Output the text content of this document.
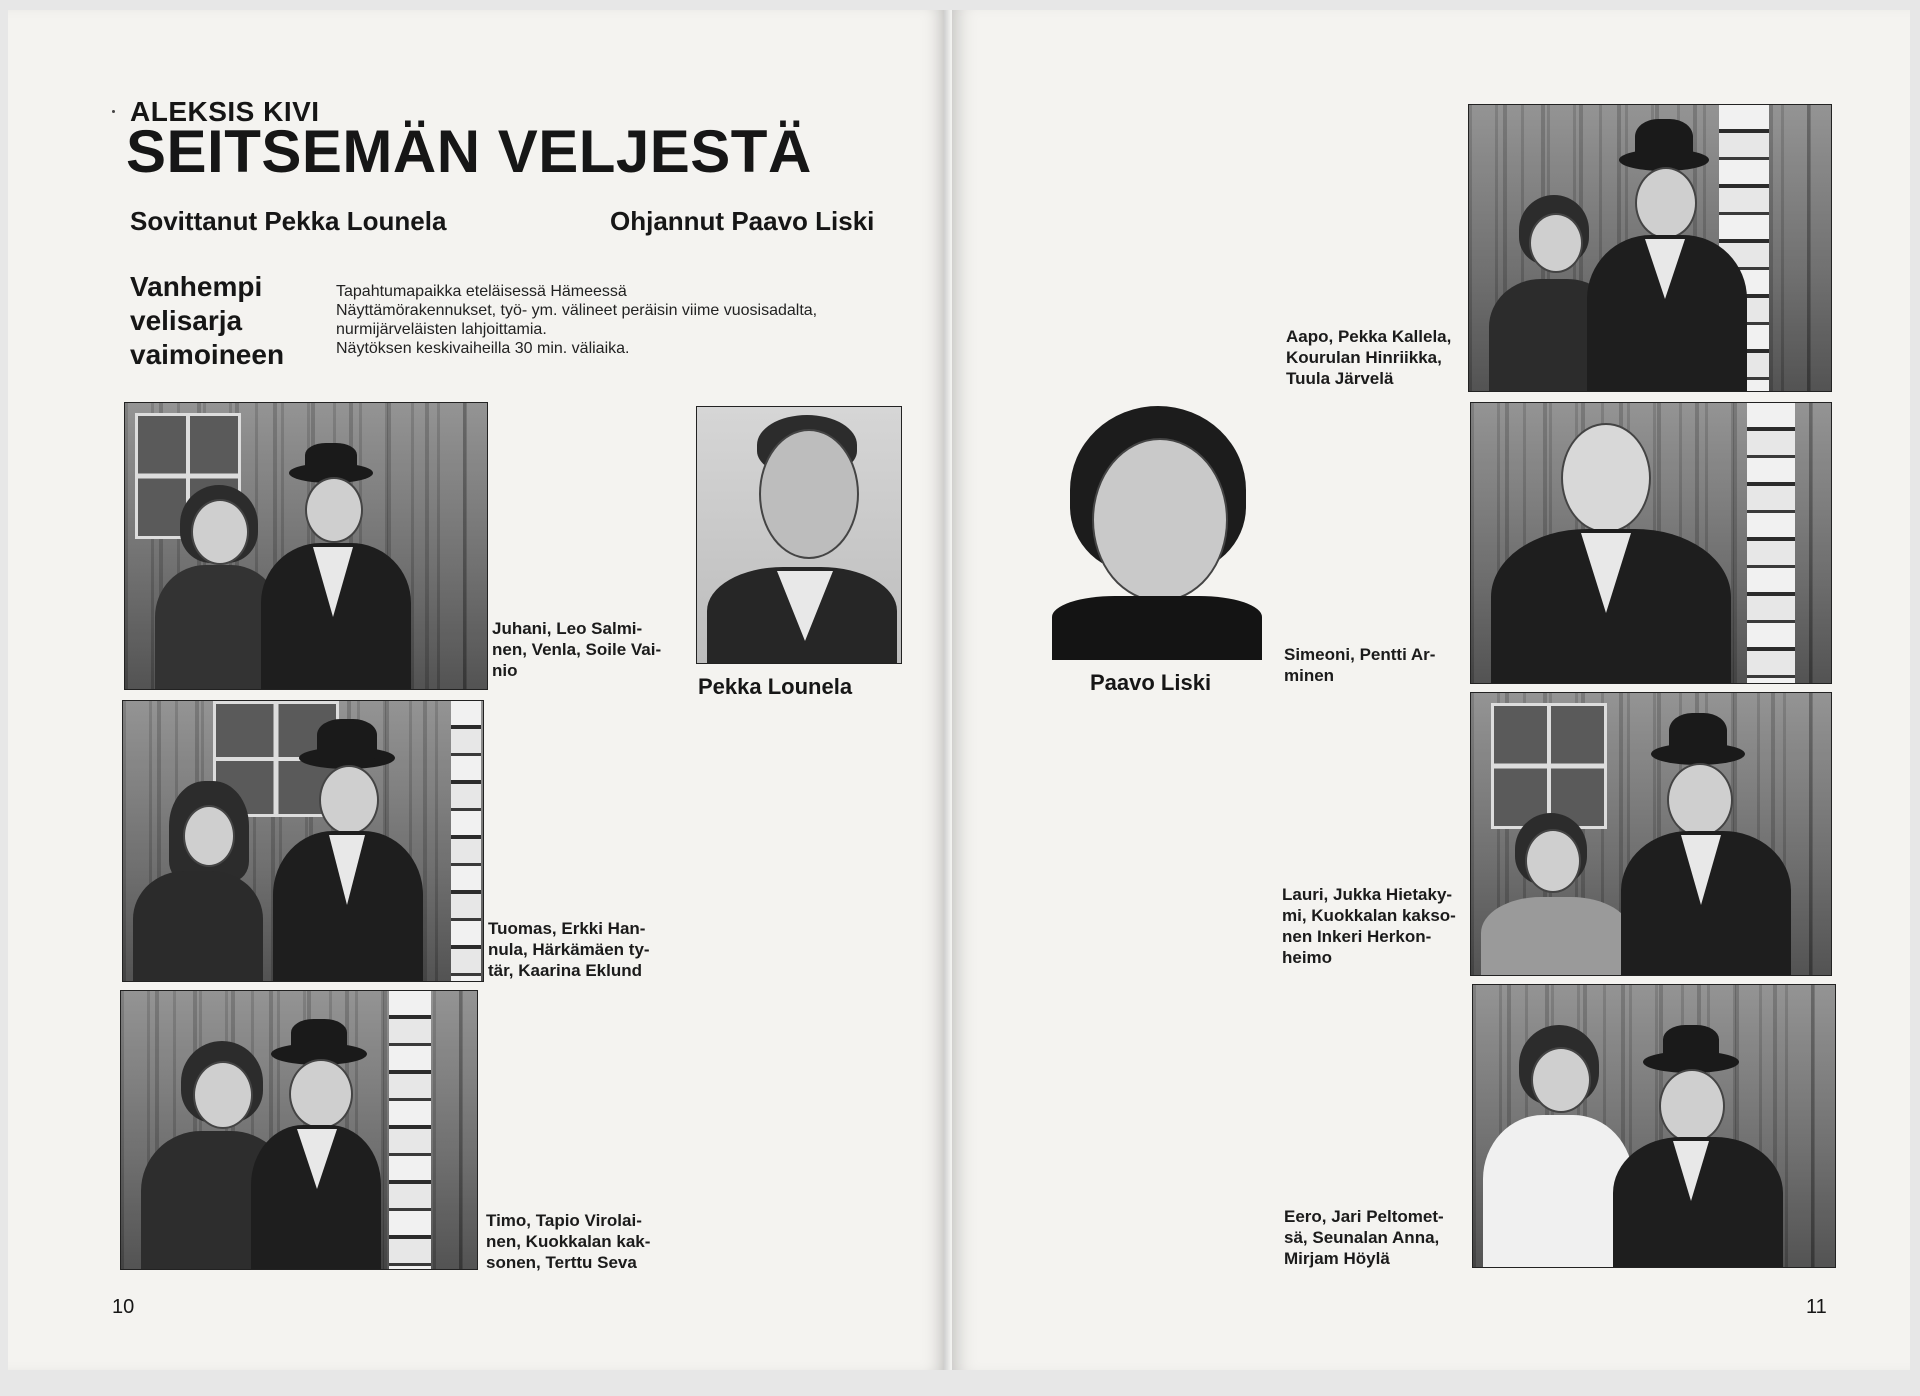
ALEKSIS KIVI
SEITSEMÄN VELJESTÄ
Sovittanut Pekka Lounela	Ohjannut Paavo Liski
Vanhempi
velisarja
vaimoineen
Tapahtumapaikka eteläisessä Hämeessä
Näyttämörakennukset, työ- ym. välineet peräisin viime vuosisadalta,
nurmijärveläisten lahjoittamia.
Näytöksen keskivaiheilla 30 min. väliaika.
Juhani, Leo Salmi-
nen, Venla, Soile Vai-
nio
Tuomas, Erkki Han-
nula, Härkämäen ty-
tär, Kaarina Eklund
Timo, Tapio Virolai-
nen, Kuokkalan kak-
sonen, Terttu Seva
Pekka Lounela
10
Paavo Liski
Aapo, Pekka Kallela,
Kourulan Hinriikka,
Tuula Järvelä
Simeoni, Pentti Ar-
minen
Lauri, Jukka Hietaky-
mi, Kuokkalan kakso-
nen Inkeri Herkon-
heimo
Eero, Jari Peltomet-
sä, Seunalan Anna,
Mirjam Höylä
11
